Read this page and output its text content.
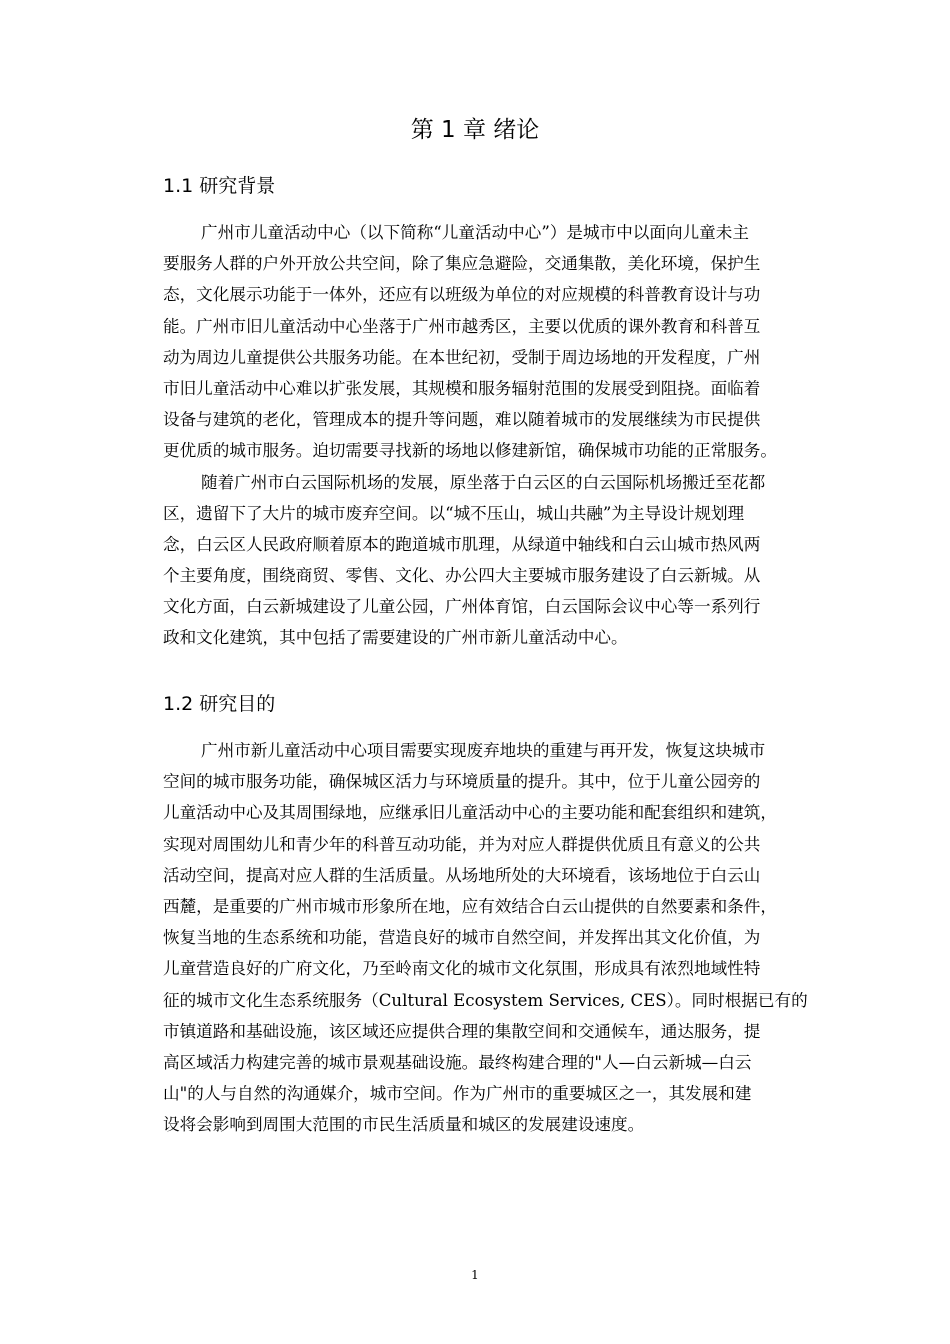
第 1 章 绪论
1.1 研究背景
广州市儿童活动中心（以下简称“儿童活动中心”）是城市中以面向儿童未主
要服务人群的户外开放公共空间，除了集应急避险，交通集散，美化环境，保护生
态，文化展示功能于一体外，还应有以班级为单位的对应规模的科普教育设计与功
能。广州市旧儿童活动中心坐落于广州市越秀区，主要以优质的课外教育和科普互
动为周边儿童提供公共服务功能。在本世纪初，受制于周边场地的开发程度，广州
市旧儿童活动中心难以扩张发展，其规模和服务辐射范围的发展受到阻挠。面临着
设备与建筑的老化，管理成本的提升等问题，难以随着城市的发展继续为市民提供
更优质的城市服务。迫切需要寻找新的场地以修建新馆，确保城市功能的正常服务。
随着广州市白云国际机场的发展，原坐落于白云区的白云国际机场搬迁至花都
区，遗留下了大片的城市废弃空间。以“城不压山，城山共融”为主导设计规划理
念，白云区人民政府顺着原本的跑道城市肌理，从绿道中轴线和白云山城市热风两
个主要角度，围绕商贸、零售、文化、办公四大主要城市服务建设了白云新城。从
文化方面，白云新城建设了儿童公园，广州体育馆，白云国际会议中心等一系列行
政和文化建筑，其中包括了需要建设的广州市新儿童活动中心。
1.2 研究目的
广州市新儿童活动中心项目需要实现废弃地块的重建与再开发，恢复这块城市
空间的城市服务功能，确保城区活力与环境质量的提升。其中，位于儿童公园旁的
儿童活动中心及其周围绿地，应继承旧儿童活动中心的主要功能和配套组织和建筑，
实现对周围幼儿和青少年的科普互动功能，并为对应人群提供优质且有意义的公共
活动空间，提高对应人群的生活质量。从场地所处的大环境看，该场地位于白云山
西麓，是重要的广州市城市形象所在地，应有效结合白云山提供的自然要素和条件，
恢复当地的生态系统和功能，营造良好的城市自然空间，并发挥出其文化价值，为
儿童营造良好的广府文化，乃至岭南文化的城市文化氛围，形成具有浓烈地域性特
征的城市文化生态系统服务（Cultural Ecosystem Services, CES）。同时根据已有的
市镇道路和基础设施，该区域还应提供合理的集散空间和交通候车，通达服务，提
高区域活力构建完善的城市景观基础设施。最终构建合理的"人—白云新城—白云
山"的人与自然的沟通媒介，城市空间。作为广州市的重要城区之一，其发展和建
设将会影响到周围大范围的市民生活质量和城区的发展建设速度。
1
